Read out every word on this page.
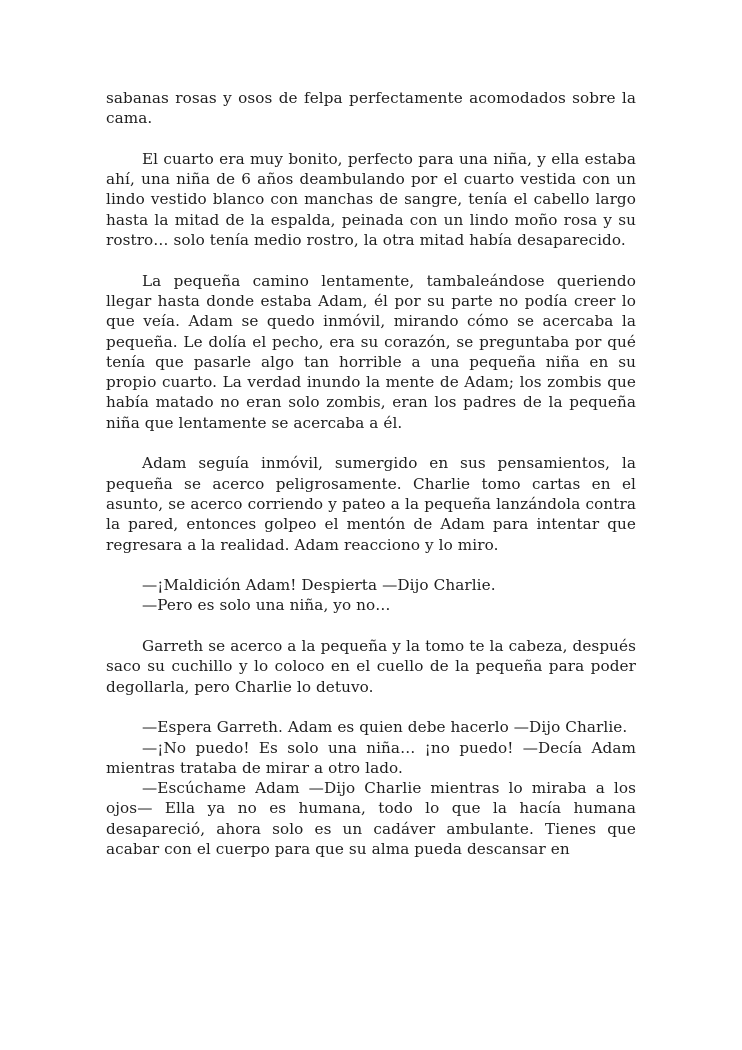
sabanas rosas y osos de felpa perfectamente acomodados sobre la cama.

El cuarto era muy bonito, perfecto para una niña, y ella estaba ahí, una niña de 6 años deambulando por el cuarto vestida con un lindo vestido blanco con manchas de sangre, tenía el cabello largo hasta la mitad de la espalda, peinada con un lindo moño rosa y su rostro… solo tenía medio rostro, la otra mitad había desaparecido.

La pequeña camino lentamente, tambaleándose queriendo llegar hasta donde estaba Adam, él por su parte no podía creer lo que veía. Adam se quedo inmóvil, mirando cómo se acercaba la pequeña. Le dolía el pecho, era su corazón, se preguntaba por qué tenía que pasarle algo tan horrible a una pequeña niña en su propio cuarto. La verdad inundo la mente de Adam; los zombis que había matado no eran solo zombis, eran los padres de la pequeña niña que lentamente se acercaba a él.

Adam seguía inmóvil, sumergido en sus pensamientos, la pequeña se acerco peligrosamente. Charlie tomo cartas en el asunto, se acerco corriendo y pateo a la pequeña lanzándola contra la pared, entonces golpeo el mentón de Adam para intentar que regresara a la realidad. Adam reacciono y lo miro.

—¡Maldición Adam! Despierta —Dijo Charlie.

—Pero es solo una niña, yo no…

Garreth se acerco a la pequeña y la tomo te la cabeza, después saco su cuchillo y lo coloco en el cuello de la pequeña para poder degollarla, pero Charlie lo detuvo.

—Espera Garreth. Adam es quien debe hacerlo —Dijo Charlie.

—¡No puedo! Es solo una niña… ¡no puedo! —Decía Adam mientras trataba de mirar a otro lado.

—Escúchame Adam —Dijo Charlie mientras lo miraba a los ojos— Ella ya no es humana, todo lo que la hacía humana desapareció, ahora solo es un cadáver ambulante. Tienes que acabar con el cuerpo para que su alma pueda descansar en
